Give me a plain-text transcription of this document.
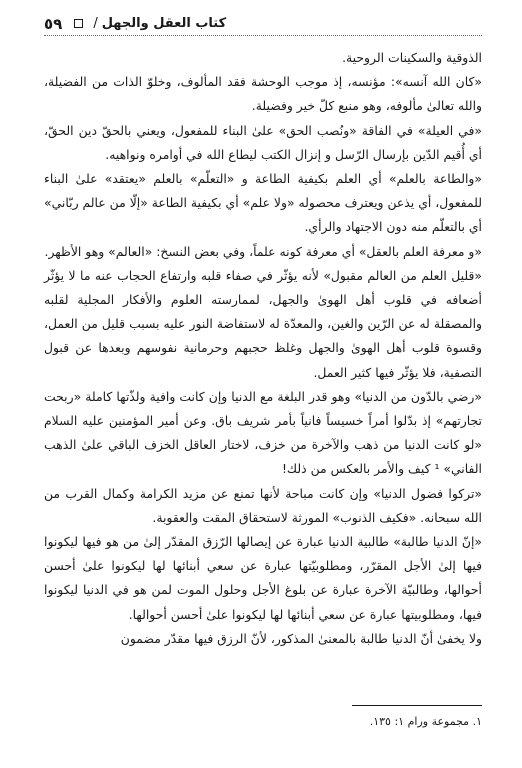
٥٩ / كتاب العقل والجهل

الذوقية والسكينات الروحية.

«كان الله آنسه»: مؤنسه، إذ موجب الوحشة فقد المألوف، وخلوّ الذات من الفضيلة، والله تعالىٰ مألوفه، وهو منبع كلّ خير وفضيلة.

«في العيلة» في الفاقة «ونُصب الحق» علىٰ البناء للمفعول، ويعني بالحقّ دين الحقّ، أي أُقيم الدّين بإرسال الرّسل و إنزال الكتب ليطاع الله في أوامره ونواهيه.

«والطاعة بالعلم» أي العلم بكيفية الطاعة و «التعلّم» بالعلم «يعتقد» علىٰ البناء للمفعول، أي يذعن ويعترف محصوله «ولا علم» أي بكيفية الطاعة «إلّا من عالم ربّاني» أي بالتعلّم منه دون الاجتهاد والرأي.

«و معرفة العلم بالعقل» أي معرفة كونه علماً، وفي بعض النسخ: «العالم» وهو الأظهر.

«قليل العلم من العالم مقبول» لأنه يؤثّر في صفاء قلبه وارتفاع الحجاب عنه ما لا يؤثّر أضعافه في قلوب أهل الهوىٰ والجهل، لممارسته العلوم والأفكار المجلية لقلبه والمصقلة له عن الرّين والغين، والمعدّة له لاستفاضة النور عليه بسبب قليل من العمل، وقسوة قلوب أهل الهوىٰ والجهل وغلظ حجبهم وحرمانية نفوسهم وبعدها عن قبول التصفية، فلا يؤثّر فيها كثير العمل.

«رضي بالدّون من الدنيا» وهو قدر البلغة مع الدنيا وإن كانت وافية ولذّتها كاملة «ربحت تجارتهم» إذ بدّلوا أمراً خسيساً فانياً بأمر شريف باق. وعن أمير المؤمنين عليه السلام «لو كانت الدنيا من ذهب والآخرة من خزف، لاختار العاقل الخزف الباقي علىٰ الذهب الفاني» ¹ كيف والأمر بالعكس من ذلك!

«تركوا فضول الدنيا» وإن كانت مباحة لأنها تمنع عن مزيد الكرامة وكمال القرب من الله سبحانه. «فكيف الذنوب» المورثة لاستحقاق المقت والعقوبة.

«إنّ الدنيا طالبة» طالبية الدنيا عبارة عن إيصالها الرّزق المقدّر إلىٰ من هو فيها ليكونوا فيها إلىٰ الأجل المقرّر، ومطلوبيّتها عبارة عن سعي أبنائها لها ليكونوا علىٰ أحسن أحوالها، وطالبيّة الآخرة عبارة عن بلوغ الأجل وحلول الموت لمن هو في الدنيا ليكونوا فيها، ومطلوبيتها عبارة عن سعي أبنائها لها ليكونوا علىٰ أحسن أحوالها.

ولا يخفىٰ أنّ الدنيا طالبة بالمعنىٰ المذكور، لأنّ الرزق فيها مقدّر مضمون

١. مجموعة ورام ١: ١٣٥.
